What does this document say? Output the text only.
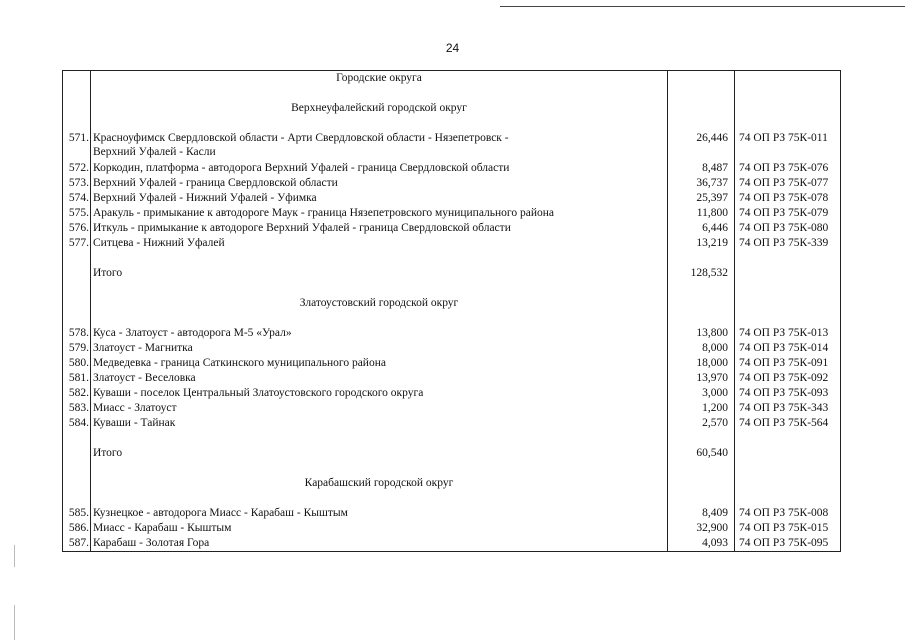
24
	Городские округа		

	Верхнеуфалейский городской округ		

571.	Красноуфимск Свердловской области - Арти Свердловской области - Нязепетровск -
Верхний Уфалей - Касли	26,446	74 ОП РЗ 75К-011
572.	Коркодин, платформа - автодорога Верхний Уфалей - граница Свердловской области	8,487	74 ОП РЗ 75К-076
573.	Верхний Уфалей - граница Свердловской области	36,737	74 ОП РЗ 75К-077
574.	Верхний Уфалей - Нижний Уфалей - Уфимка	25,397	74 ОП РЗ 75К-078
575.	Аракуль - примыкание к автодороге Маук - граница Нязепетровского муниципального района	11,800	74 ОП РЗ 75К-079
576.	Иткуль - примыкание к автодороге Верхний Уфалей - граница Свердловской области	6,446	74 ОП РЗ 75К-080
577.	Ситцева - Нижний Уфалей	13,219	74 ОП РЗ 75К-339

	Итого	128,532	

	Златоустовский городской округ		

578.	Куса - Златоуст - автодорога М-5 «Урал»	13,800	74 ОП РЗ 75К-013
579.	Златоуст - Магнитка	8,000	74 ОП РЗ 75К-014
580.	Медведевка - граница Саткинского муниципального района	18,000	74 ОП РЗ 75К-091
581.	Златоуст - Веселовка	13,970	74 ОП РЗ 75К-092
582.	Куваши - поселок Центральный Златоустовского городского округа	3,000	74 ОП РЗ 75К-093
583.	Миасс - Златоуст	1,200	74 ОП РЗ 75К-343
584.	Куваши - Тайнак	2,570	74 ОП РЗ 75К-564

	Итого	60,540	

	Карабашский городской округ		

585.	Кузнецкое - автодорога Миасс - Карабаш - Кыштым	8,409	74 ОП РЗ 75К-008
586.	Миасс - Карабаш - Кыштым	32,900	74 ОП РЗ 75К-015
587.	Карабаш - Золотая Гора	4,093	74 ОП РЗ 75К-095
